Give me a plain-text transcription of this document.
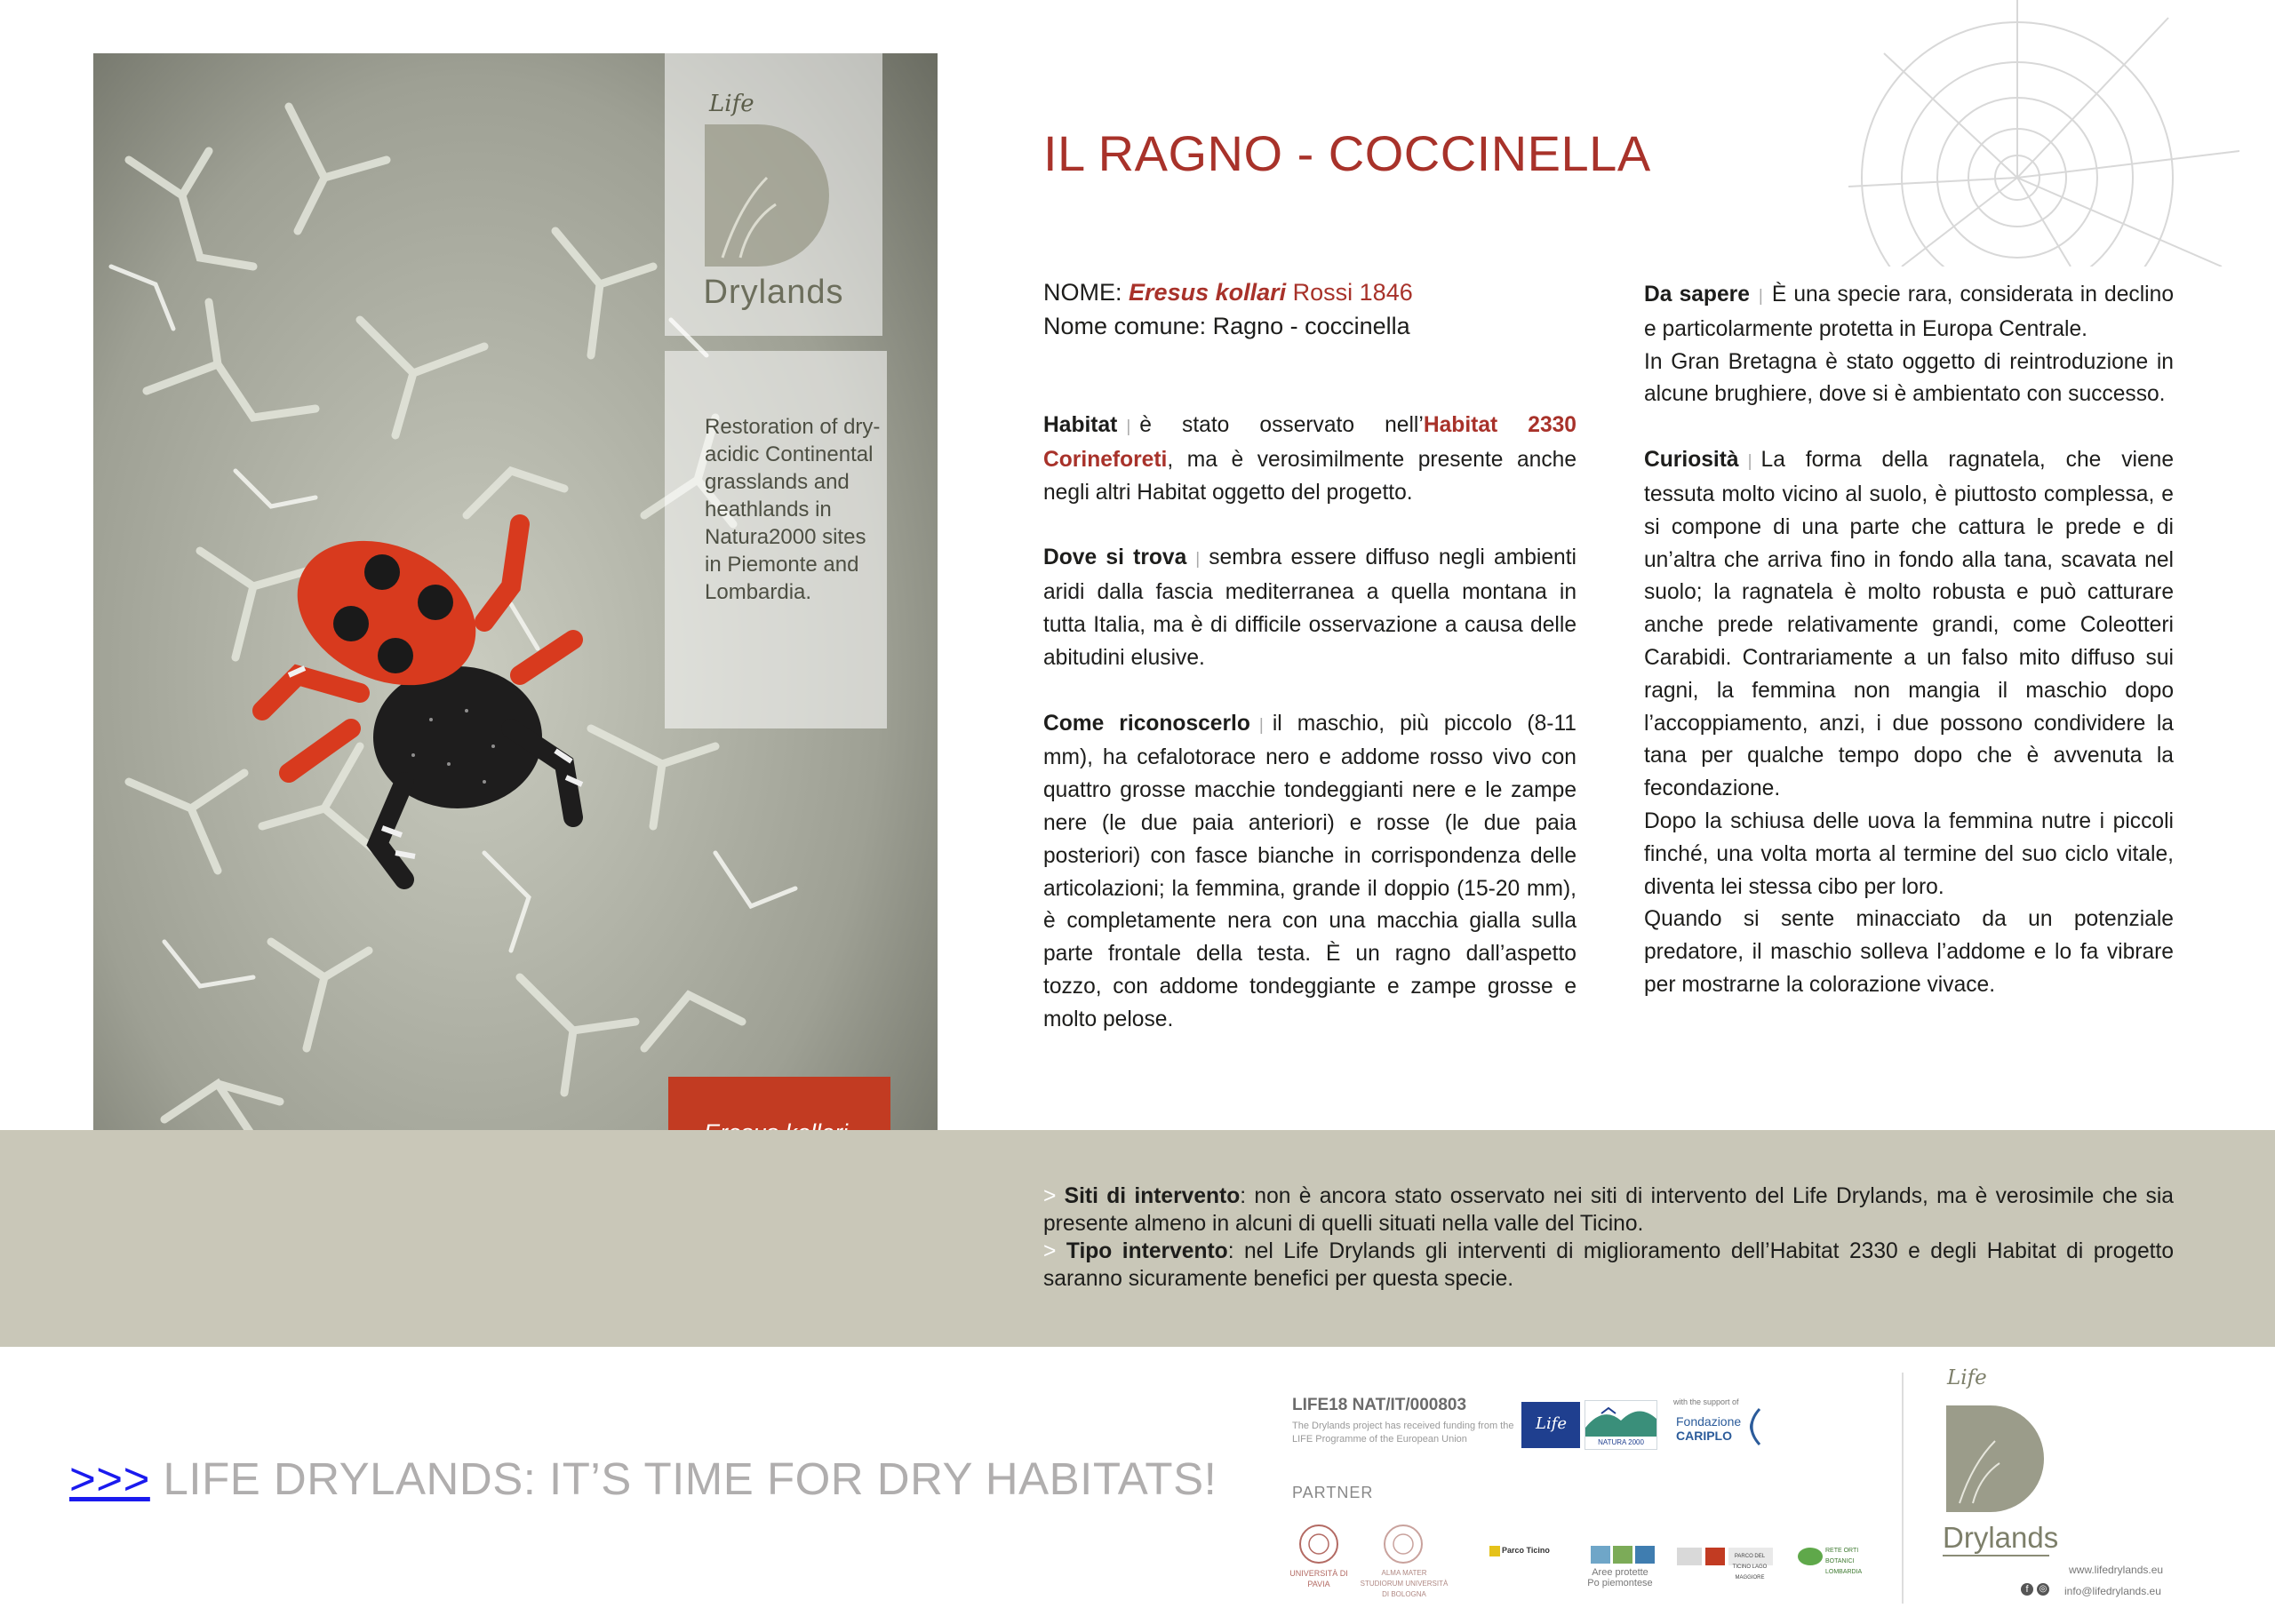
Life
Drylands
Restoration of dry-acidic Continental grasslands and heathlands in Natura2000 sites in Piemonte and Lombardia.
IL RAGNO - COCCINELLA

NOME: Eresus kollari Rossi 1846

Nome comune: Ragno - coccinella

Habitat | è stato osservato nell’Habitat 2330 Corineforeti, ma è verosimilmente presente anche negli altri Habitat oggetto del progetto.

Dove si trova | sembra essere diffuso negli ambienti aridi dalla fascia mediterranea a quella montana in tutta Italia, ma è di difficile osservazione a causa delle abitudini elusive.

Come riconoscerlo | il maschio, più piccolo (8-11 mm), ha cefalotorace nero e addome rosso vivo con quattro grosse macchie tondeggianti nere e le zampe nere (le due paia anteriori) e rosse (le due paia posteriori) con fasce bianche in corrispondenza delle articolazioni; la femmina, grande il doppio (15-20 mm), è completamente nera con una macchia gialla sulla parte frontale della testa. È un ragno dall’aspetto tozzo, con addome tondeggiante e zampe grosse e molto pelose.

Da sapere | È una specie rara, considerata in declino e particolarmente protetta in Europa Centrale.

In Gran Bretagna è stato oggetto di reintroduzione in alcune brughiere, dove si è ambientato con successo.

Curiosità | La forma della ragnatela, che viene tessuta molto vicino al suolo, è piuttosto complessa, e si compone di una parte che cattura le prede e di un’altra che arriva fino in fondo alla tana, scavata nel suolo; la ragnatela è molto robusta e può catturare anche prede relativamente grandi, come Coleotteri Carabidi. Contrariamente a un falso mito diffuso sui ragni, la femmina non mangia il maschio dopo l’accoppiamento, anzi, i due possono condividere la tana per qualche tempo dopo che è avvenuta la fecondazione.

Dopo la schiusa delle uova la femmina nutre i piccoli finché, una volta morta al termine del suo ciclo vitale, diventa lei stessa cibo per loro.

Quando si sente minacciato da un potenziale predatore, il maschio solleva l’addome e lo fa vibrare per mostrarne la colorazione vivace.

> Siti di intervento: non è ancora stato osservato nei siti di intervento del Life Drylands, ma è verosimile che sia presente almeno in alcuni di quelli situati nella valle del Ticino.

> Tipo intervento: nel Life Drylands gli interventi di miglioramento dell’Habitat 2330 e degli Habitat di progetto saranno sicuramente benefici per questa specie.

>>> LIFE DRYLANDS: IT’S TIME FOR DRY HABITATS!
LIFE18 NAT/IT/000803
The Drylands project has received funding from the LIFE Programme of the European Union
Life
NATURA 2000
with the support of
Fondazione
CARIPLO
PARTNER
UNIVERSITÀ DI PAVIA
ALMA MATER STUDIORUM UNIVERSITÀ DI BOLOGNA
Parco Ticino
Aree protette Po piemontese
PARCO DEL TICINO LAGO MAGGIORE
RETE ORTI BOTANICI LOMBARDIA
Life
Drylands
www.lifedrylands.eu
f	◎ info@lifedrylands.eu
